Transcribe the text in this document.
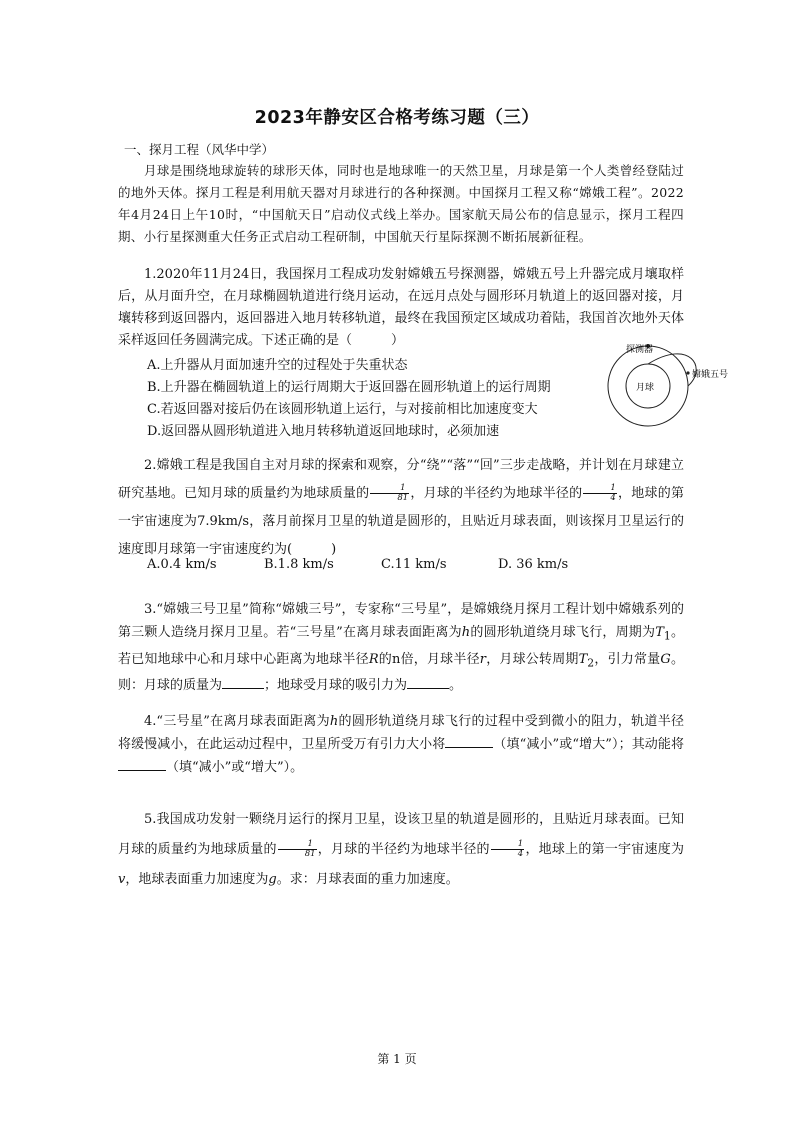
2023年静安区合格考练习题（三）
一、探月工程（风华中学）

月球是围绕地球旋转的球形天体，同时也是地球唯一的天然卫星，月球是第一个人类曾经登陆过的地外天体。探月工程是利用航天器对月球进行的各种探测。中国探月工程又称“嫦娥工程”。2022年4月24日上午10时，“中国航天日”启动仪式线上举办。国家航天局公布的信息显示，探月工程四期、小行星探测重大任务正式启动工程研制，中国航天行星际探测不断拓展新征程。

1.2020年11月24日，我国探月工程成功发射嫦娥五号探测器，嫦娥五号上升器完成月壤取样后，从月面升空，在月球椭圆轨道进行绕月运动，在远月点处与圆形环月轨道上的返回器对接，月壤转移到返回器内，返回器进入地月转移轨道，最终在我国预定区域成功着陆，我国首次地外天体采样返回任务圆满完成。下述正确的是（　　　）

A.上升器从月面加速升空的过程处于失重状态
B.上升器在椭圆轨道上的运行周期大于返回器在圆形轨道上的运行周期
C.若返回器对接后仍在该圆形轨道上运行，与对接前相比加速度变大
D.返回器从圆形轨道进入地月转移轨道返回地球时，必须加速
探测器
月球
嫦娥五号

2.嫦娥工程是我国自主对月球的探索和观察，分“绕”“落”“回”三步走战略，并计划在月球建立研究基地。已知月球的质量约为地球质量的 $\frac{1}{81}$ ，月球的半径约为地球半径的 $\frac{1}{4}$ ，地球的第一宇宙速度为7.9km/s，落月前探月卫星的轨道是圆形的，且贴近月球表面，则该探月卫星运行的速度即月球第一宇宙速度约为(　　　)

A.0.4 km/s	B.1.8 km/s	C.11 km/s	D. 36 km/s

3.“嫦娥三号卫星”简称“嫦娥三号”，专家称“三号星”，是嫦娥绕月探月工程计划中嫦娥系列的第三颗人造绕月探月卫星。若“三号星”在离月球表面距离为h的圆形轨道绕月球飞行，周期为$T_1$。若已知地球中心和月球中心距离为地球半径R的n倍，月球半径r，月球公转周期$T_2$，引力常量G。则：月球的质量为	；地球受月球的吸引力为	。

4.“三号星”在离月球表面距离为h的圆形轨道绕月球飞行的过程中受到微小的阻力，轨道半径将缓慢减小，在此运动过程中，卫星所受万有引力大小将	（填“减小”或“增大”）；其动能将（填“减小”或“增大”）。

5.我国成功发射一颗绕月运行的探月卫星，设该卫星的轨道是圆形的，且贴近月球表面。已知月球的质量约为地球质量的 $\frac{1}{81}$ ，月球的半径约为地球半径的 $\frac{1}{4}$ ，地球上的第一宇宙速度为v，地球表面重力加速度为g。求：月球表面的重力加速度。

第 1 页
